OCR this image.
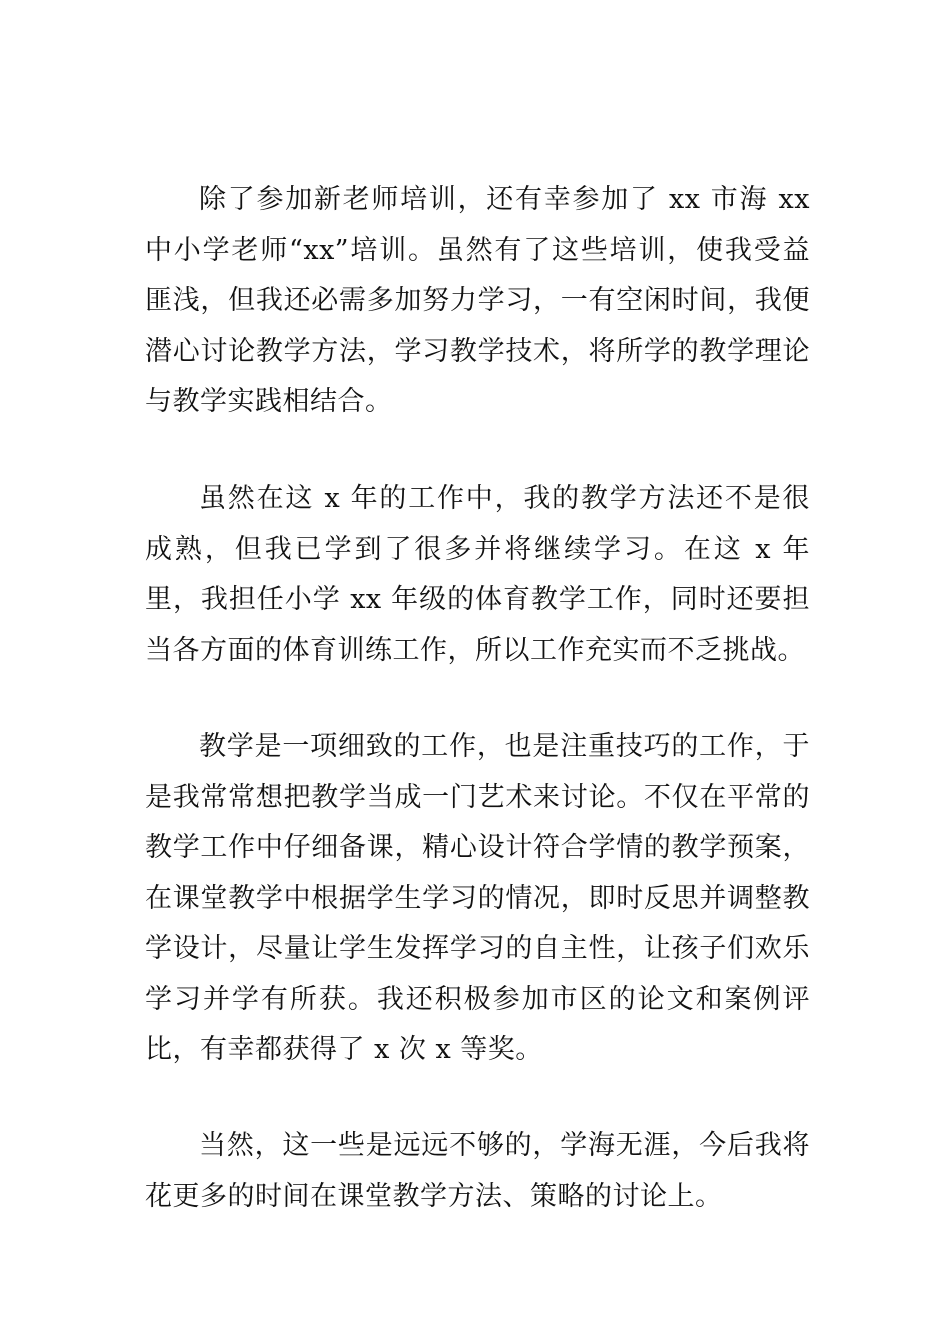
除了参加新老师培训，还有幸参加了 xx 市海 xx 中小学老师“xx”培训。虽然有了这些培训，使我受益匪浅，但我还必需多加努力学习，一有空闲时间，我便潜心讨论教学方法，学习教学技术，将所学的教学理论与教学实践相结合。

虽然在这 x 年的工作中，我的教学方法还不是很成熟，但我已学到了很多并将继续学习。在这 x 年里，我担任小学 xx 年级的体育教学工作，同时还要担当各方面的体育训练工作，所以工作充实而不乏挑战。

教学是一项细致的工作，也是注重技巧的工作，于是我常常想把教学当成一门艺术来讨论。不仅在平常的教学工作中仔细备课，精心设计符合学情的教学预案，在课堂教学中根据学生学习的情况，即时反思并调整教学设计，尽量让学生发挥学习的自主性，让孩子们欢乐学习并学有所获。我还积极参加市区的论文和案例评比，有幸都获得了 x 次 x 等奖。

当然，这一些是远远不够的，学海无涯，今后我将花更多的时间在课堂教学方法、策略的讨论上。
